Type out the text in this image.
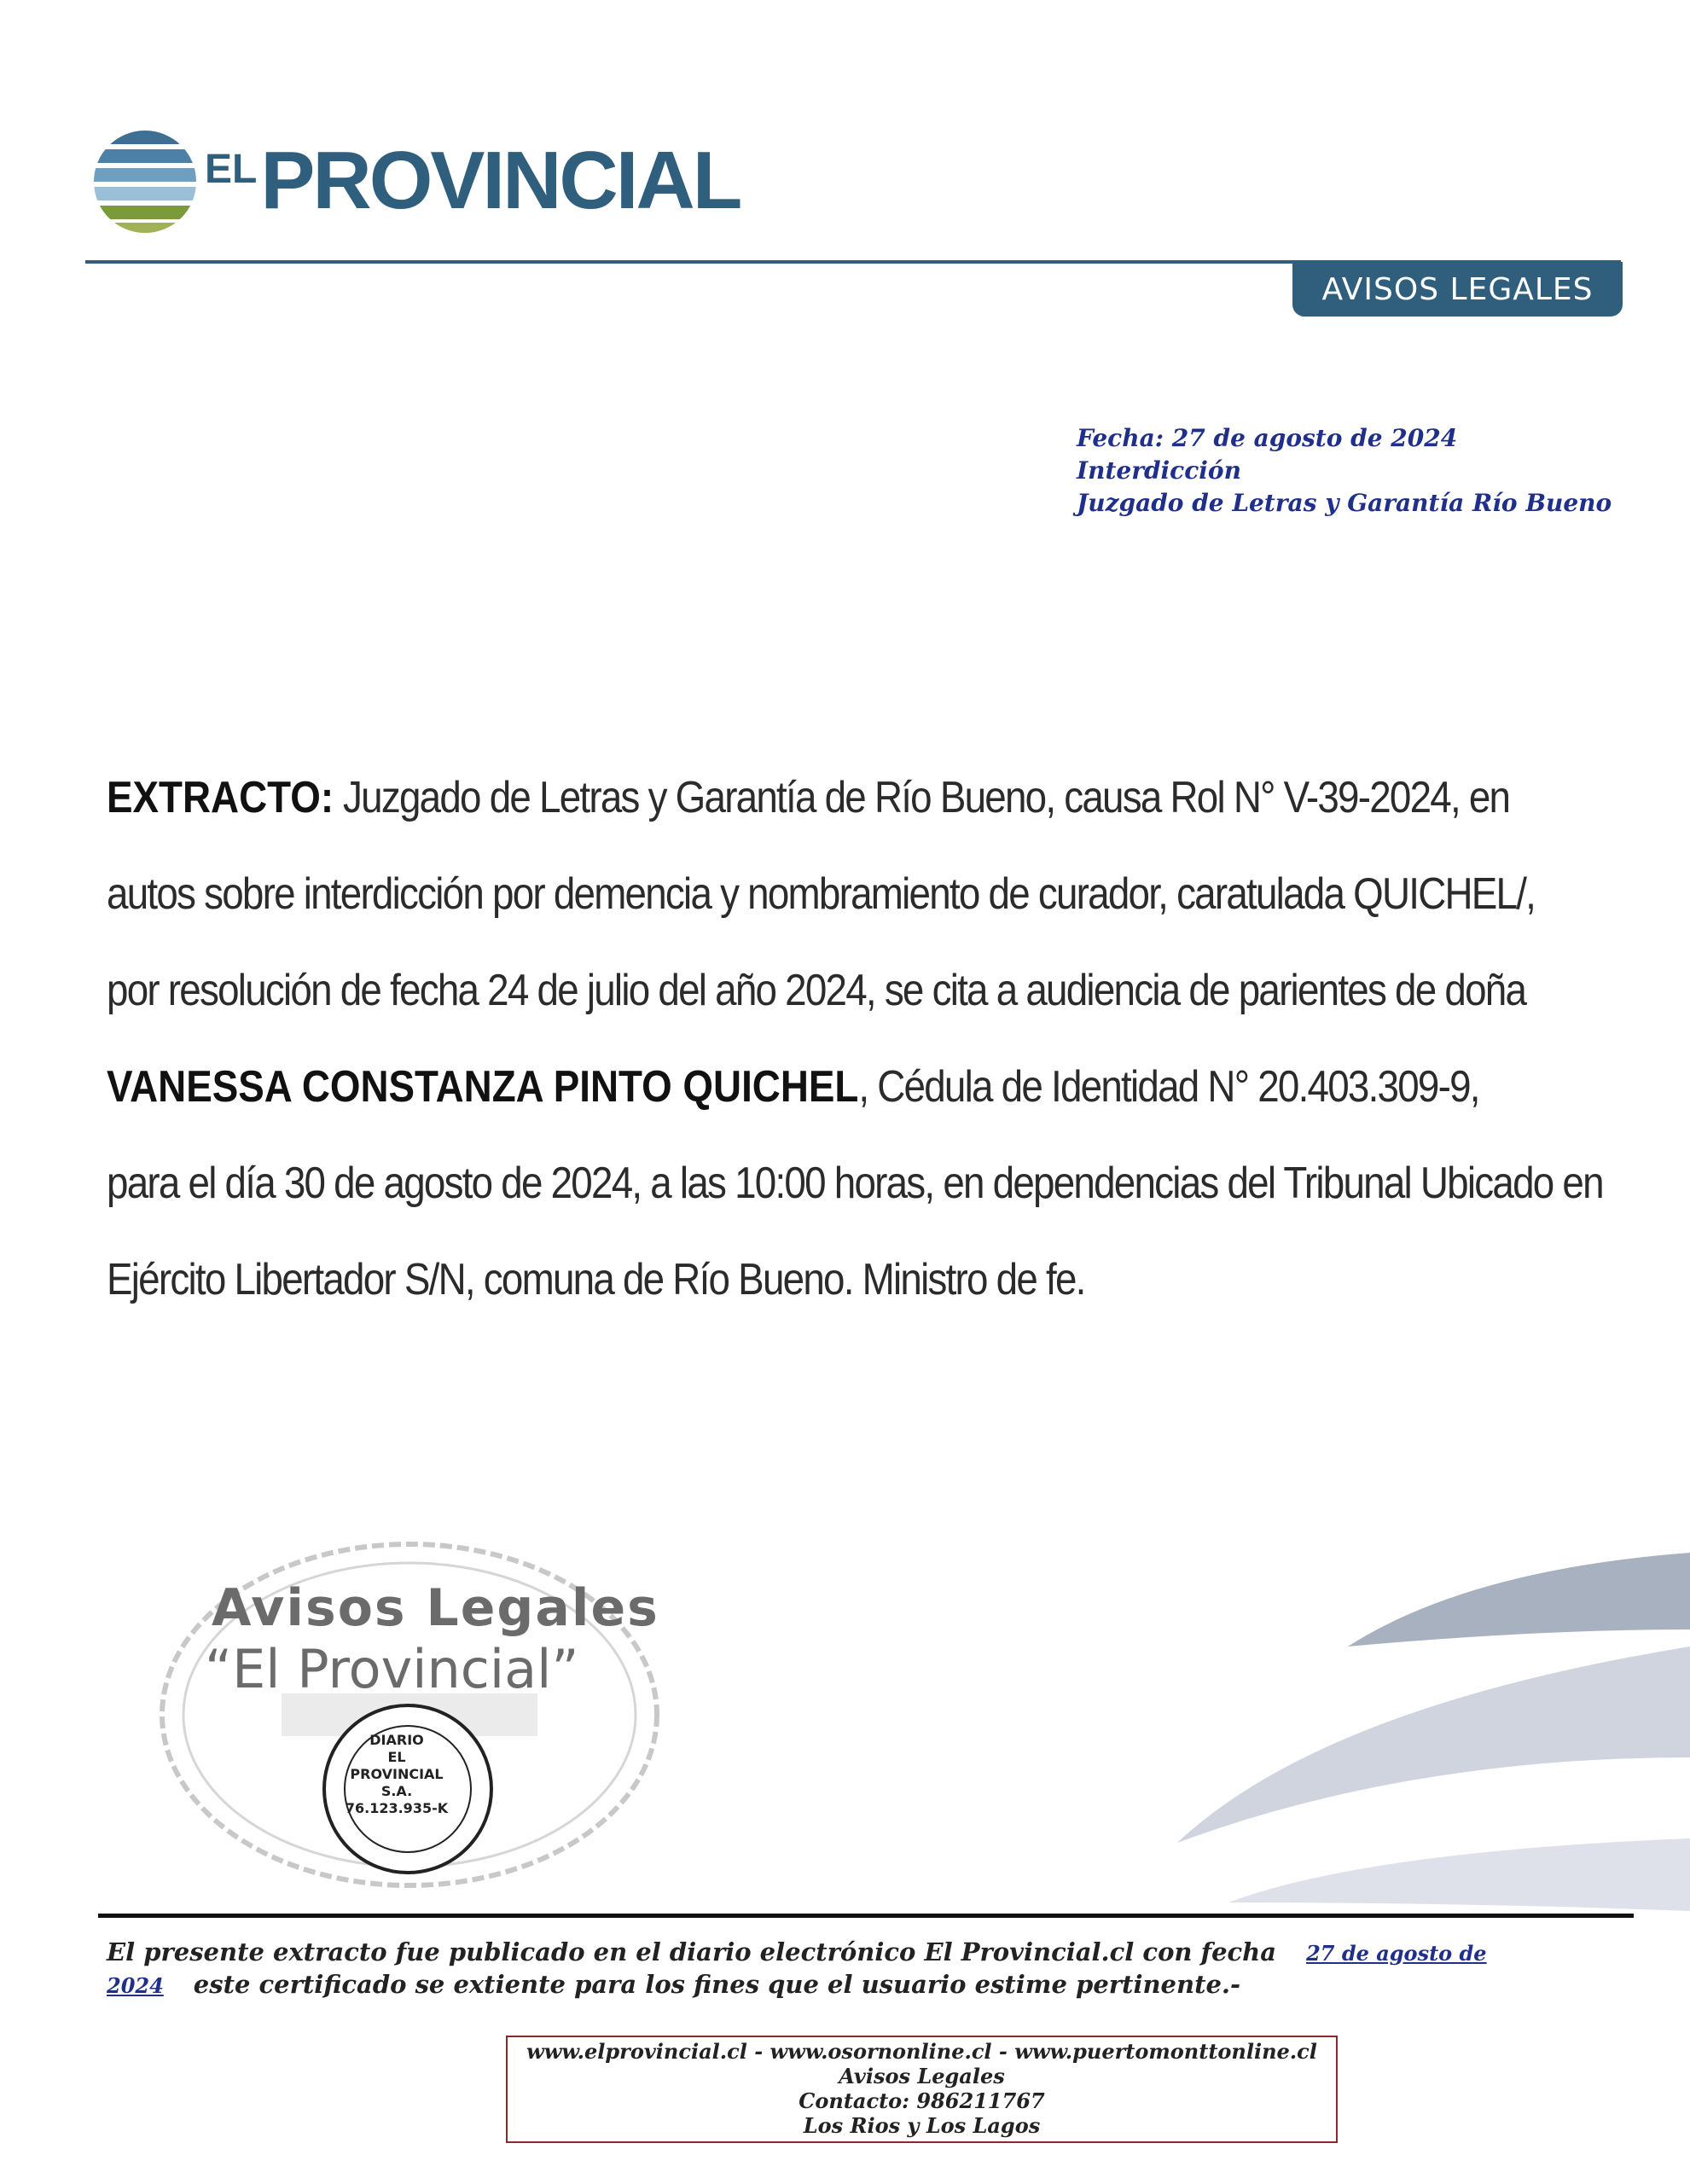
EL PROVINCIAL
AVISOS LEGALES
Fecha: 27 de agosto de 2024
Interdicción
Juzgado de Letras y Garantía Río Bueno
EXTRACTO: Juzgado de Letras y Garantía de Río Bueno, causa Rol N° V-39-2024, en
autos sobre interdicción por demencia y nombramiento de curador, caratulada QUICHEL/,
por resolución de fecha 24 de julio del año 2024, se cita a audiencia de parientes de doña
VANESSA CONSTANZA PINTO QUICHEL, Cédula de Identidad N° 20.403.309-9,
para el día 30 de agosto de 2024, a las 10:00 horas, en dependencias del Tribunal Ubicado en
Ejército Libertador S/N, comuna de Río Bueno. Ministro de fe.
Avisos Legales
“El Provincial”
DIARIO
EL PROVINCIAL
S.A.
76.123.935-K
El presente extracto fue publicado en el diario electrónico El Provincial.cl con fecha 27 de agosto de 2024 este certificado se extiente para los fines que el usuario estime pertinente.-
www.elprovincial.cl - www.osornonline.cl - www.puertomonttonline.cl
Avisos Legales
Contacto: 986211767
Los Rios y Los Lagos
